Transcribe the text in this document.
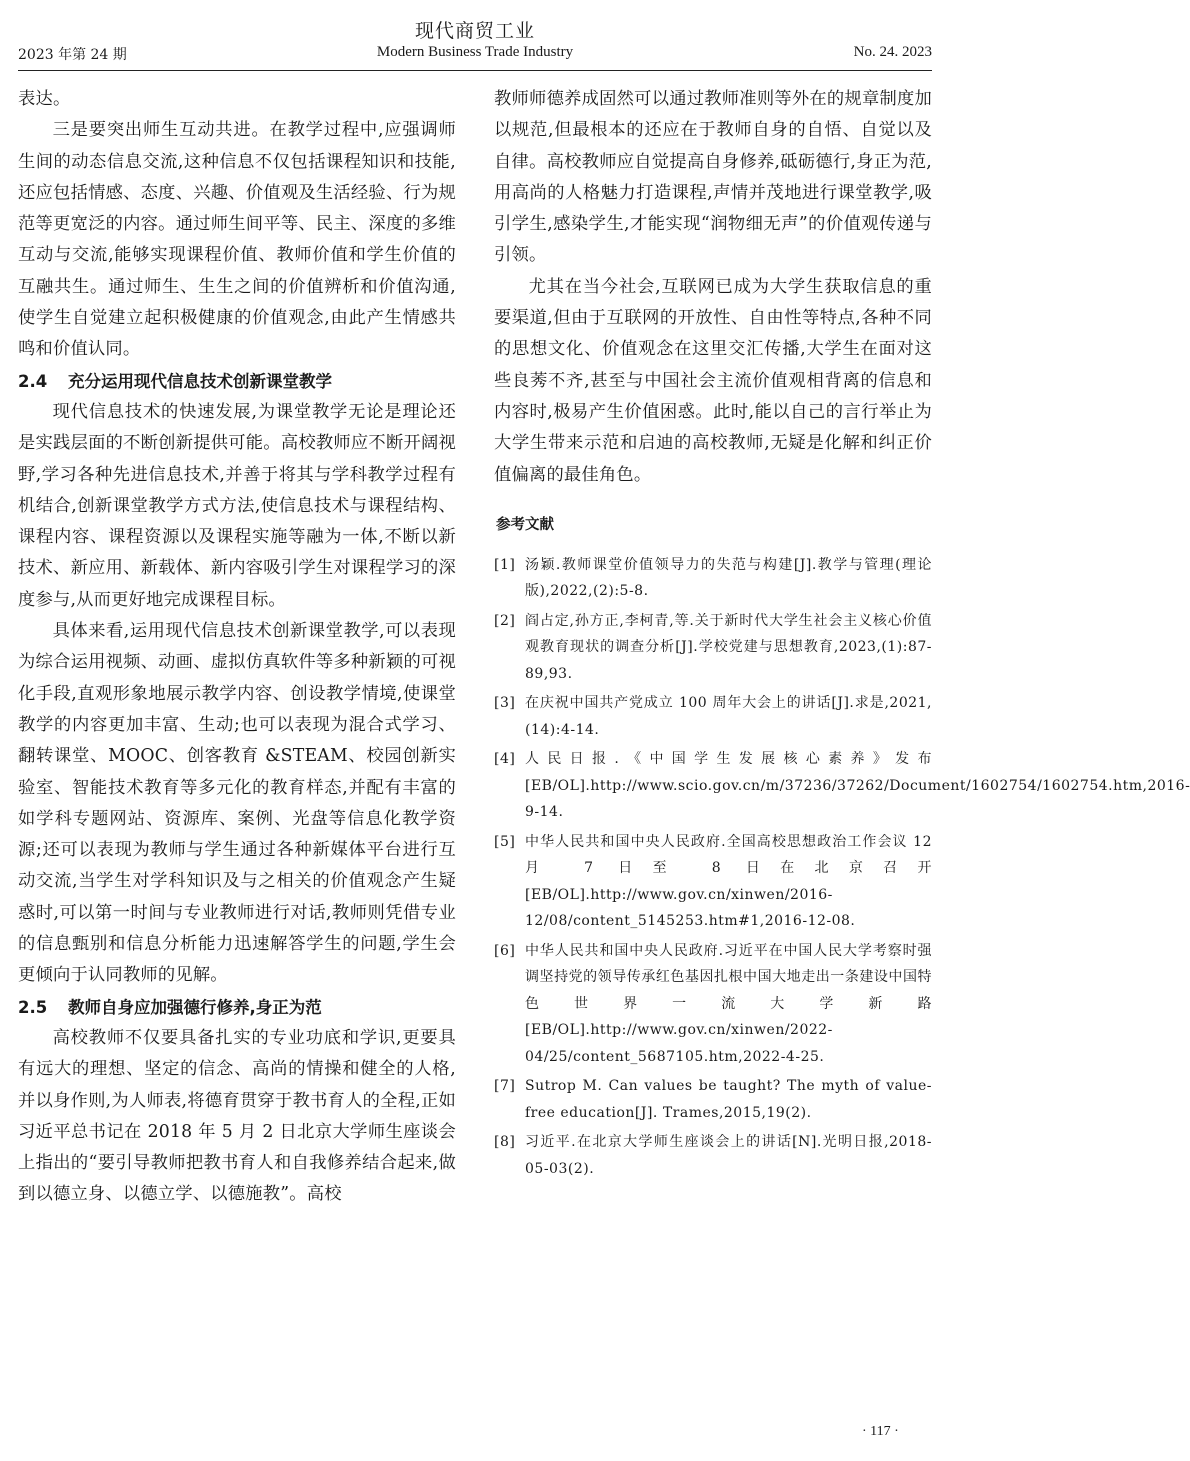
现代商贸工业
2023 年第 24 期	Modern Business Trade Industry	No. 24. 2023

表达。

三是要突出师生互动共进。在教学过程中,应强调师生间的动态信息交流,这种信息不仅包括课程知识和技能,还应包括情感、态度、兴趣、价值观及生活经验、行为规范等更宽泛的内容。通过师生间平等、民主、深度的多维互动与交流,能够实现课程价值、教师价值和学生价值的互融共生。通过师生、生生之间的价值辨析和价值沟通,使学生自觉建立起积极健康的价值观念,由此产生情感共鸣和价值认同。

2.4 充分运用现代信息技术创新课堂教学

现代信息技术的快速发展,为课堂教学无论是理论还是实践层面的不断创新提供可能。高校教师应不断开阔视野,学习各种先进信息技术,并善于将其与学科教学过程有机结合,创新课堂教学方式方法,使信息技术与课程结构、课程内容、课程资源以及课程实施等融为一体,不断以新技术、新应用、新载体、新内容吸引学生对课程学习的深度参与,从而更好地完成课程目标。

具体来看,运用现代信息技术创新课堂教学,可以表现为综合运用视频、动画、虚拟仿真软件等多种新颖的可视化手段,直观形象地展示教学内容、创设教学情境,使课堂教学的内容更加丰富、生动;也可以表现为混合式学习、翻转课堂、MOOC、创客教育 &STEAM、校园创新实验室、智能技术教育等多元化的教育样态,并配有丰富的如学科专题网站、资源库、案例、光盘等信息化教学资源;还可以表现为教师与学生通过各种新媒体平台进行互动交流,当学生对学科知识及与之相关的价值观念产生疑惑时,可以第一时间与专业教师进行对话,教师则凭借专业的信息甄别和信息分析能力迅速解答学生的问题,学生会更倾向于认同教师的见解。

2.5 教师自身应加强德行修养,身正为范

高校教师不仅要具备扎实的专业功底和学识,更要具有远大的理想、坚定的信念、高尚的情操和健全的人格,并以身作则,为人师表,将德育贯穿于教书育人的全程,正如习近平总书记在 2018 年 5 月 2 日北京大学师生座谈会上指出的“要引导教师把教书育人和自我修养结合起来,做到以德立身、以德立学、以德施教”。高校

教师师德养成固然可以通过教师准则等外在的规章制度加以规范,但最根本的还应在于教师自身的自悟、自觉以及自律。高校教师应自觉提高自身修养,砥砺德行,身正为范,用高尚的人格魅力打造课程,声情并茂地进行课堂教学,吸引学生,感染学生,才能实现“润物细无声”的价值观传递与引领。

尤其在当今社会,互联网已成为大学生获取信息的重要渠道,但由于互联网的开放性、自由性等特点,各种不同的思想文化、价值观念在这里交汇传播,大学生在面对这些良莠不齐,甚至与中国社会主流价值观相背离的信息和内容时,极易产生价值困惑。此时,能以自己的言行举止为大学生带来示范和启迪的高校教师,无疑是化解和纠正价值偏离的最佳角色。

参考文献
[1] 汤颖.教师课堂价值领导力的失范与构建[J].教学与管理(理论版),2022,(2):5-8.
[2] 阎占定,孙方正,李柯青,等.关于新时代大学生社会主义核心价值观教育现状的调查分析[J].学校党建与思想教育,2023,(1):87-89,93.
[3] 在庆祝中国共产党成立 100 周年大会上的讲话[J].求是,2021,(14):4-14.
[4] 人民日报.《中国学生发展核心素养》发布[EB/OL].http://www.scio.gov.cn/m/37236/37262/Document/1602754/1602754.htm,2016-9-14.
[5] 中华人民共和国中央人民政府.全国高校思想政治工作会议 12 月 7 日至 8 日在北京召开[EB/OL].http://www.gov.cn/xinwen/2016-12/08/content_5145253.htm#1,2016-12-08.
[6] 中华人民共和国中央人民政府.习近平在中国人民大学考察时强调坚持党的领导传承红色基因扎根中国大地走出一条建设中国特色世界一流大学新路[EB/OL].http://www.gov.cn/xinwen/2022-04/25/content_5687105.htm,2022-4-25.
[7] Sutrop M. Can values be taught? The myth of value-free education[J]. Trames,2015,19(2).
[8] 习近平.在北京大学师生座谈会上的讲话[N].光明日报,2018-05-03(2).
· 117 ·
